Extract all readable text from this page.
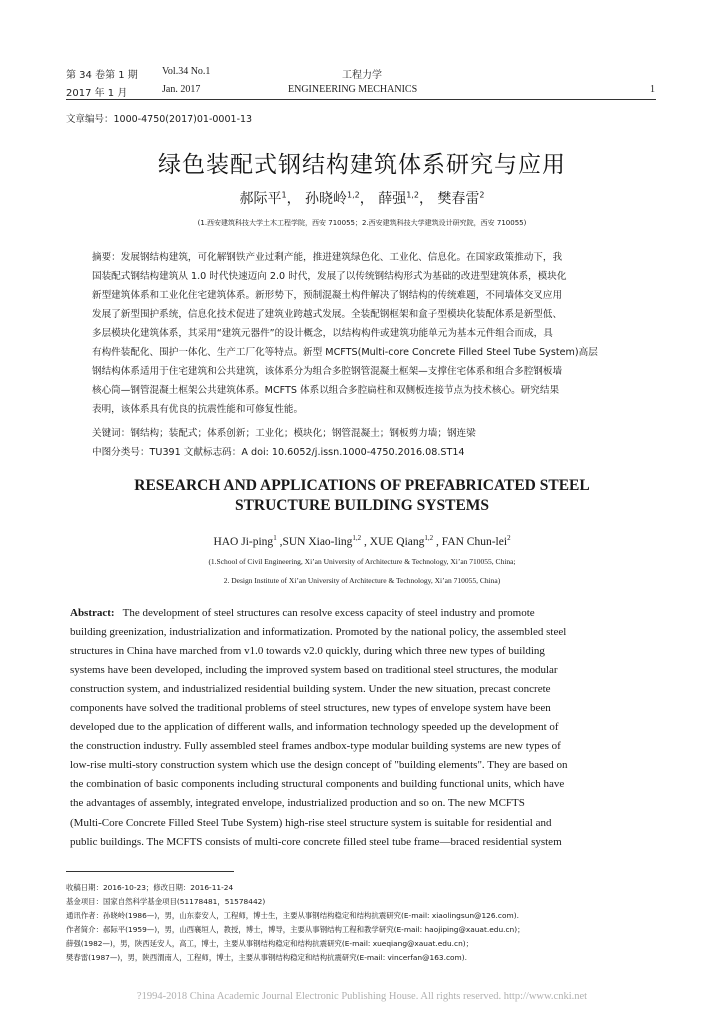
第 34 卷第 1 期 Vol.34 No.1	工程力学
2017 年 1 月	Jan. 2017	ENGINEERING MECHANICS	1
文章编号：1000-4750(2017)01-0001-13
绿色装配式钢结构建筑体系研究与应用
郝际平$^1$， 孙晓岭$^{1,2}$， 薛强$^{1,2}$， 樊春雷$^2$
(1.西安建筑科技大学土木工程学院，西安 710055；2.西安建筑科技大学建筑设计研究院，西安 710055)
摘要：发展钢结构建筑，可化解钢铁产业过剩产能，推进建筑绿色化、工业化、信息化。在国家政策推动下，我
国装配式钢结构建筑从 1.0 时代快速迈向 2.0 时代，发展了以传统钢结构形式为基础的改进型建筑体系，模块化
新型建筑体系和工业化住宅建筑体系。新形势下，预制混凝土构件解决了钢结构的传统难题，不同墙体交叉应用
发展了新型围护系统，信息化技术促进了建筑业跨越式发展。全装配钢框架和盒子型模块化装配体系是新型低、
多层模块化建筑体系，其采用“建筑元器件”的设计概念，以结构构件或建筑功能单元为基本元件组合而成，具
有构件装配化、围护一体化、生产工厂化等特点。新型 MCFTS(Multi-core Concrete Filled Steel Tube System)高层
钢结构体系适用于住宅建筑和公共建筑，该体系分为组合多腔钢管混凝土框架—支撑住宅体系和组合多腔钢板墙
核心筒—钢管混凝土框架公共建筑体系。MCFTS 体系以组合多腔扁柱和双侧板连接节点为技术核心。研究结果
表明，该体系具有优良的抗震性能和可修复性能。
关键词：钢结构；装配式；体系创新；工业化；模块化；钢管混凝土；钢板剪力墙；钢连梁
中图分类号：TU391 文献标志码：A doi: 10.6052/j.issn.1000-4750.2016.08.ST14
RESEARCH AND APPLICATIONS OF PREFABRICATED STEEL
STRUCTURE BUILDING SYSTEMS
HAO Ji-ping$^1$ ,SUN Xiao-ling$^{1,2}$ , XUE Qiang$^{1,2}$ , FAN Chun-lei$^2$
(1.School of Civil Engineering, Xi’an University of Architecture & Technology, Xi’an 710055, China;
2. Design Institute of Xi’an University of Architecture & Technology, Xi’an 710055, China)
Abstract: The development of steel structures can resolve excess capacity of steel industry and promote
building greenization, industrialization and informatization. Promoted by the national policy, the assembled steel
structures in China have marched from v1.0 towards v2.0 quickly, during which three new types of building
systems have been developed, including the improved system based on traditional steel structures, the modular
construction system, and industrialized residential building system. Under the new situation, precast concrete
components have solved the traditional problems of steel structures, new types of envelope system have been
developed due to the application of different walls, and information technology speeded up the development of
the construction industry. Fully assembled steel frames andbox-type modular building systems are new types of
low-rise multi-story construction system which use the design concept of "building elements". They are based on
the combination of basic components including structural components and building functional units, which have
the advantages of assembly, integrated envelope, industrialized production and so on. The new MCFTS
(Multi-Core Concrete Filled Steel Tube System) high-rise steel structure system is suitable for residential and
public buildings. The MCFTS consists of multi-core concrete filled steel tube frame—braced residential system
收稿日期：2016-10-23；修改日期：2016-11-24
基金项目：国家自然科学基金项目(51178481，51578442)
通讯作者：孙晓岭(1986—)，男，山东泰安人，工程师，博士生，主要从事钢结构稳定和结构抗震研究(E-mail: xiaolingsun@126.com).
作者简介：郝际平(1959—)，男，山西襄垣人，教授，博士，博导，主要从事钢结构工程和教学研究(E-mail: haojiping@xauat.edu.cn)；
薛强(1982—)，男，陕西延安人，高工，博士，主要从事钢结构稳定和结构抗震研究(E-mail: xueqiang@xauat.edu.cn)；
樊春雷(1987—)，男，陕西渭南人，工程师，博士，主要从事钢结构稳定和结构抗震研究(E-mail: vincerfan@163.com).
?1994-2018 China Academic Journal Electronic Publishing House. All rights reserved. http://www.cnki.net
